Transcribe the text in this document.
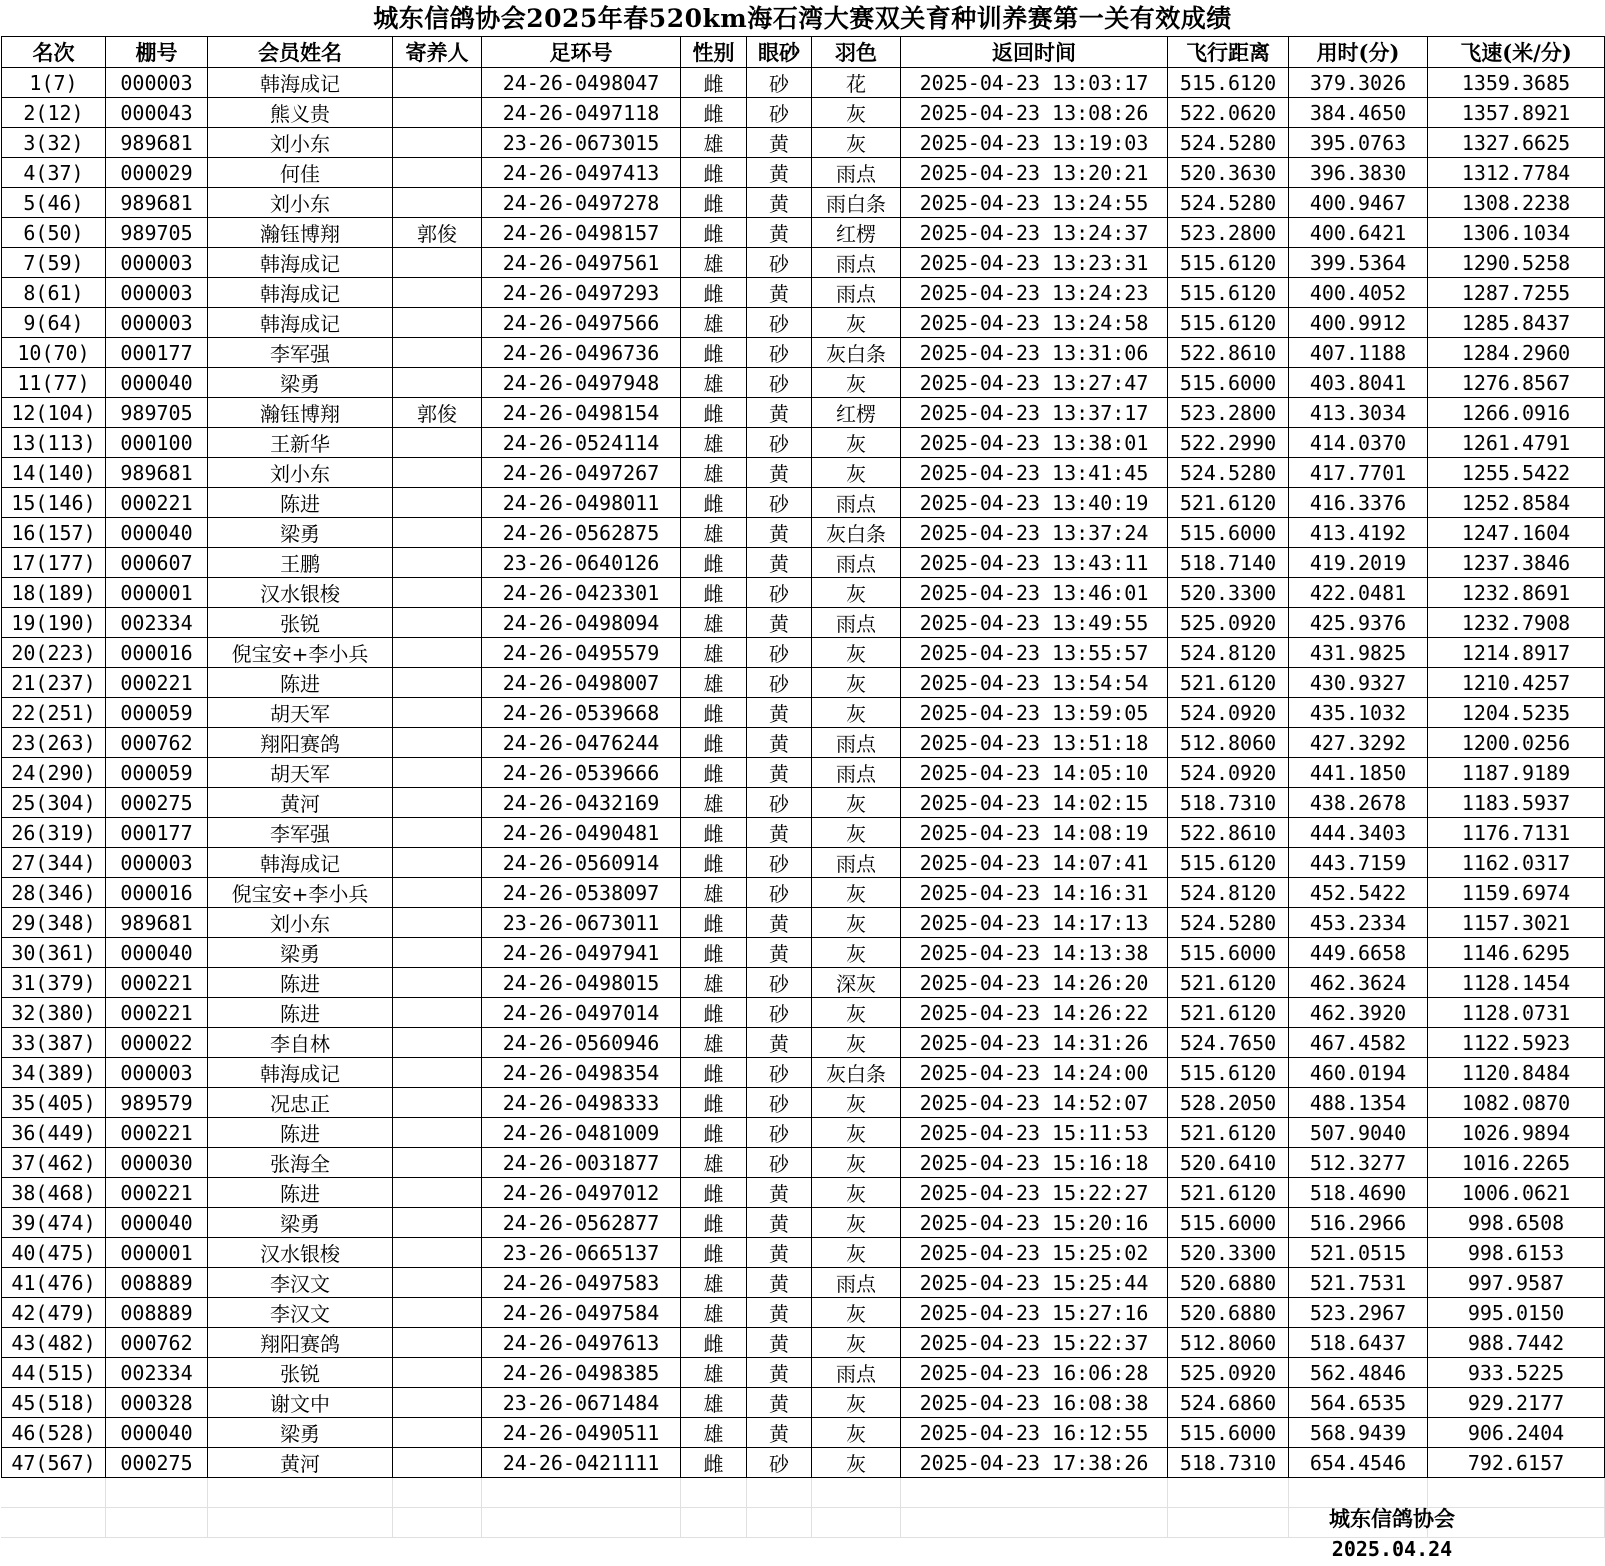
城东信鸽协会2025年春520km海石湾大赛双关育种训养赛第一关有效成绩
名次	棚号	会员姓名	寄养人	足环号	性别	眼砂	羽色	返回时间	飞行距离	用时(分)	飞速(米/分)
1(7)	000003	韩海成记		24-26-0498047	雌	砂	花	2025-04-23 13:03:17	515.6120	379.3026	1359.3685
2(12)	000043	熊义贵		24-26-0497118	雌	砂	灰	2025-04-23 13:08:26	522.0620	384.4650	1357.8921
3(32)	989681	刘小东		23-26-0673015	雄	黄	灰	2025-04-23 13:19:03	524.5280	395.0763	1327.6625
4(37)	000029	何佳		24-26-0497413	雌	黄	雨点	2025-04-23 13:20:21	520.3630	396.3830	1312.7784
5(46)	989681	刘小东		24-26-0497278	雌	黄	雨白条	2025-04-23 13:24:55	524.5280	400.9467	1308.2238
6(50)	989705	瀚钰博翔	郭俊	24-26-0498157	雌	黄	红楞	2025-04-23 13:24:37	523.2800	400.6421	1306.1034
7(59)	000003	韩海成记		24-26-0497561	雄	砂	雨点	2025-04-23 13:23:31	515.6120	399.5364	1290.5258
8(61)	000003	韩海成记		24-26-0497293	雌	黄	雨点	2025-04-23 13:24:23	515.6120	400.4052	1287.7255
9(64)	000003	韩海成记		24-26-0497566	雄	砂	灰	2025-04-23 13:24:58	515.6120	400.9912	1285.8437
10(70)	000177	李军强		24-26-0496736	雌	砂	灰白条	2025-04-23 13:31:06	522.8610	407.1188	1284.2960
11(77)	000040	梁勇		24-26-0497948	雄	砂	灰	2025-04-23 13:27:47	515.6000	403.8041	1276.8567
12(104)	989705	瀚钰博翔	郭俊	24-26-0498154	雌	黄	红楞	2025-04-23 13:37:17	523.2800	413.3034	1266.0916
13(113)	000100	王新华		24-26-0524114	雄	砂	灰	2025-04-23 13:38:01	522.2990	414.0370	1261.4791
14(140)	989681	刘小东		24-26-0497267	雄	黄	灰	2025-04-23 13:41:45	524.5280	417.7701	1255.5422
15(146)	000221	陈进		24-26-0498011	雌	砂	雨点	2025-04-23 13:40:19	521.6120	416.3376	1252.8584
16(157)	000040	梁勇		24-26-0562875	雄	黄	灰白条	2025-04-23 13:37:24	515.6000	413.4192	1247.1604
17(177)	000607	王鹏		23-26-0640126	雌	黄	雨点	2025-04-23 13:43:11	518.7140	419.2019	1237.3846
18(189)	000001	汉水银梭		24-26-0423301	雌	砂	灰	2025-04-23 13:46:01	520.3300	422.0481	1232.8691
19(190)	002334	张锐		24-26-0498094	雄	黄	雨点	2025-04-23 13:49:55	525.0920	425.9376	1232.7908
20(223)	000016	倪宝安+李小兵		24-26-0495579	雄	砂	灰	2025-04-23 13:55:57	524.8120	431.9825	1214.8917
21(237)	000221	陈进		24-26-0498007	雄	砂	灰	2025-04-23 13:54:54	521.6120	430.9327	1210.4257
22(251)	000059	胡天军		24-26-0539668	雌	黄	灰	2025-04-23 13:59:05	524.0920	435.1032	1204.5235
23(263)	000762	翔阳赛鸽		24-26-0476244	雌	黄	雨点	2025-04-23 13:51:18	512.8060	427.3292	1200.0256
24(290)	000059	胡天军		24-26-0539666	雌	黄	雨点	2025-04-23 14:05:10	524.0920	441.1850	1187.9189
25(304)	000275	黄河		24-26-0432169	雄	砂	灰	2025-04-23 14:02:15	518.7310	438.2678	1183.5937
26(319)	000177	李军强		24-26-0490481	雌	黄	灰	2025-04-23 14:08:19	522.8610	444.3403	1176.7131
27(344)	000003	韩海成记		24-26-0560914	雌	砂	雨点	2025-04-23 14:07:41	515.6120	443.7159	1162.0317
28(346)	000016	倪宝安+李小兵		24-26-0538097	雄	砂	灰	2025-04-23 14:16:31	524.8120	452.5422	1159.6974
29(348)	989681	刘小东		23-26-0673011	雌	黄	灰	2025-04-23 14:17:13	524.5280	453.2334	1157.3021
30(361)	000040	梁勇		24-26-0497941	雌	黄	灰	2025-04-23 14:13:38	515.6000	449.6658	1146.6295
31(379)	000221	陈进		24-26-0498015	雄	砂	深灰	2025-04-23 14:26:20	521.6120	462.3624	1128.1454
32(380)	000221	陈进		24-26-0497014	雌	砂	灰	2025-04-23 14:26:22	521.6120	462.3920	1128.0731
33(387)	000022	李自林		24-26-0560946	雄	黄	灰	2025-04-23 14:31:26	524.7650	467.4582	1122.5923
34(389)	000003	韩海成记		24-26-0498354	雌	砂	灰白条	2025-04-23 14:24:00	515.6120	460.0194	1120.8484
35(405)	989579	况忠正		24-26-0498333	雌	砂	灰	2025-04-23 14:52:07	528.2050	488.1354	1082.0870
36(449)	000221	陈进		24-26-0481009	雌	砂	灰	2025-04-23 15:11:53	521.6120	507.9040	1026.9894
37(462)	000030	张海全		24-26-0031877	雄	砂	灰	2025-04-23 15:16:18	520.6410	512.3277	1016.2265
38(468)	000221	陈进		24-26-0497012	雌	黄	灰	2025-04-23 15:22:27	521.6120	518.4690	1006.0621
39(474)	000040	梁勇		24-26-0562877	雌	黄	灰	2025-04-23 15:20:16	515.6000	516.2966	998.6508
40(475)	000001	汉水银梭		23-26-0665137	雌	黄	灰	2025-04-23 15:25:02	520.3300	521.0515	998.6153
41(476)	008889	李汉文		24-26-0497583	雄	黄	雨点	2025-04-23 15:25:44	520.6880	521.7531	997.9587
42(479)	008889	李汉文		24-26-0497584	雄	黄	灰	2025-04-23 15:27:16	520.6880	523.2967	995.0150
43(482)	000762	翔阳赛鸽		24-26-0497613	雌	黄	灰	2025-04-23 15:22:37	512.8060	518.6437	988.7442
44(515)	002334	张锐		24-26-0498385	雄	黄	雨点	2025-04-23 16:06:28	525.0920	562.4846	933.5225
45(518)	000328	谢文中		23-26-0671484	雄	黄	灰	2025-04-23 16:08:38	524.6860	564.6535	929.2177
46(528)	000040	梁勇		24-26-0490511	雄	黄	灰	2025-04-23 16:12:55	515.6000	568.9439	906.2404
47(567)	000275	黄河		24-26-0421111	雌	砂	灰	2025-04-23 17:38:26	518.7310	654.4546	792.6157

城东信鸽协会
2025.04.24
